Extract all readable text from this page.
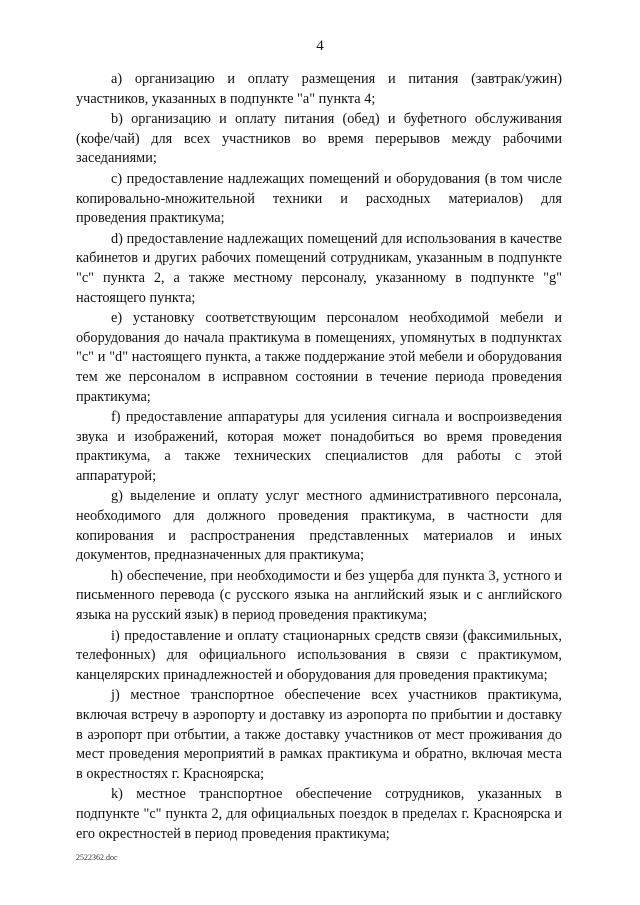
4

a) организацию и оплату размещения и питания (завтрак/ужин) участников, указанных в подпункте "a" пункта 4;

b) организацию и оплату питания (обед) и буфетного обслуживания (кофе/чай) для всех участников во время перерывов между рабочими заседаниями;

c) предоставление надлежащих помещений и оборудования (в том числе копировально-множительной техники и расходных материалов) для проведения практикума;

d) предоставление надлежащих помещений для использования в качестве кабинетов и других рабочих помещений сотрудникам, указанным в подпункте "c" пункта 2, а также местному персоналу, указанному в подпункте "g" настоящего пункта;

e) установку соответствующим персоналом необходимой мебели и оборудования до начала практикума в помещениях, упомянутых в подпунктах "c" и "d" настоящего пункта, а также поддержание этой мебели и оборудования тем же персоналом в исправном состоянии в течение периода проведения практикума;

f) предоставление аппаратуры для усиления сигнала и воспроизведения звука и изображений, которая может понадобиться во время проведения практикума, а также технических специалистов для работы с этой аппаратурой;

g) выделение и оплату услуг местного административного персонала, необходимого для должного проведения практикума, в частности для копирования и распространения представленных материалов и иных документов, предназначенных для практикума;

h) обеспечение, при необходимости и без ущерба для пункта 3, устного и письменного перевода (с русского языка на английский язык и с английского языка на русский язык) в период проведения практикума;

i) предоставление и оплату стационарных средств связи (факсимильных, телефонных) для официального использования в связи с практикумом, канцелярских принадлежностей и оборудования для проведения практикума;

j) местное транспортное обеспечение всех участников практикума, включая встречу в аэропорту и доставку из аэропорта по прибытии и доставку в аэропорт при отбытии, а также доставку участников от мест проживания до мест проведения мероприятий в рамках практикума и обратно, включая места в окрестностях г. Красноярска;

k) местное транспортное обеспечение сотрудников, указанных в подпункте "c" пункта 2, для официальных поездок в пределах г. Красноярска и его окрестностей в период проведения практикума;

2522362.doc
